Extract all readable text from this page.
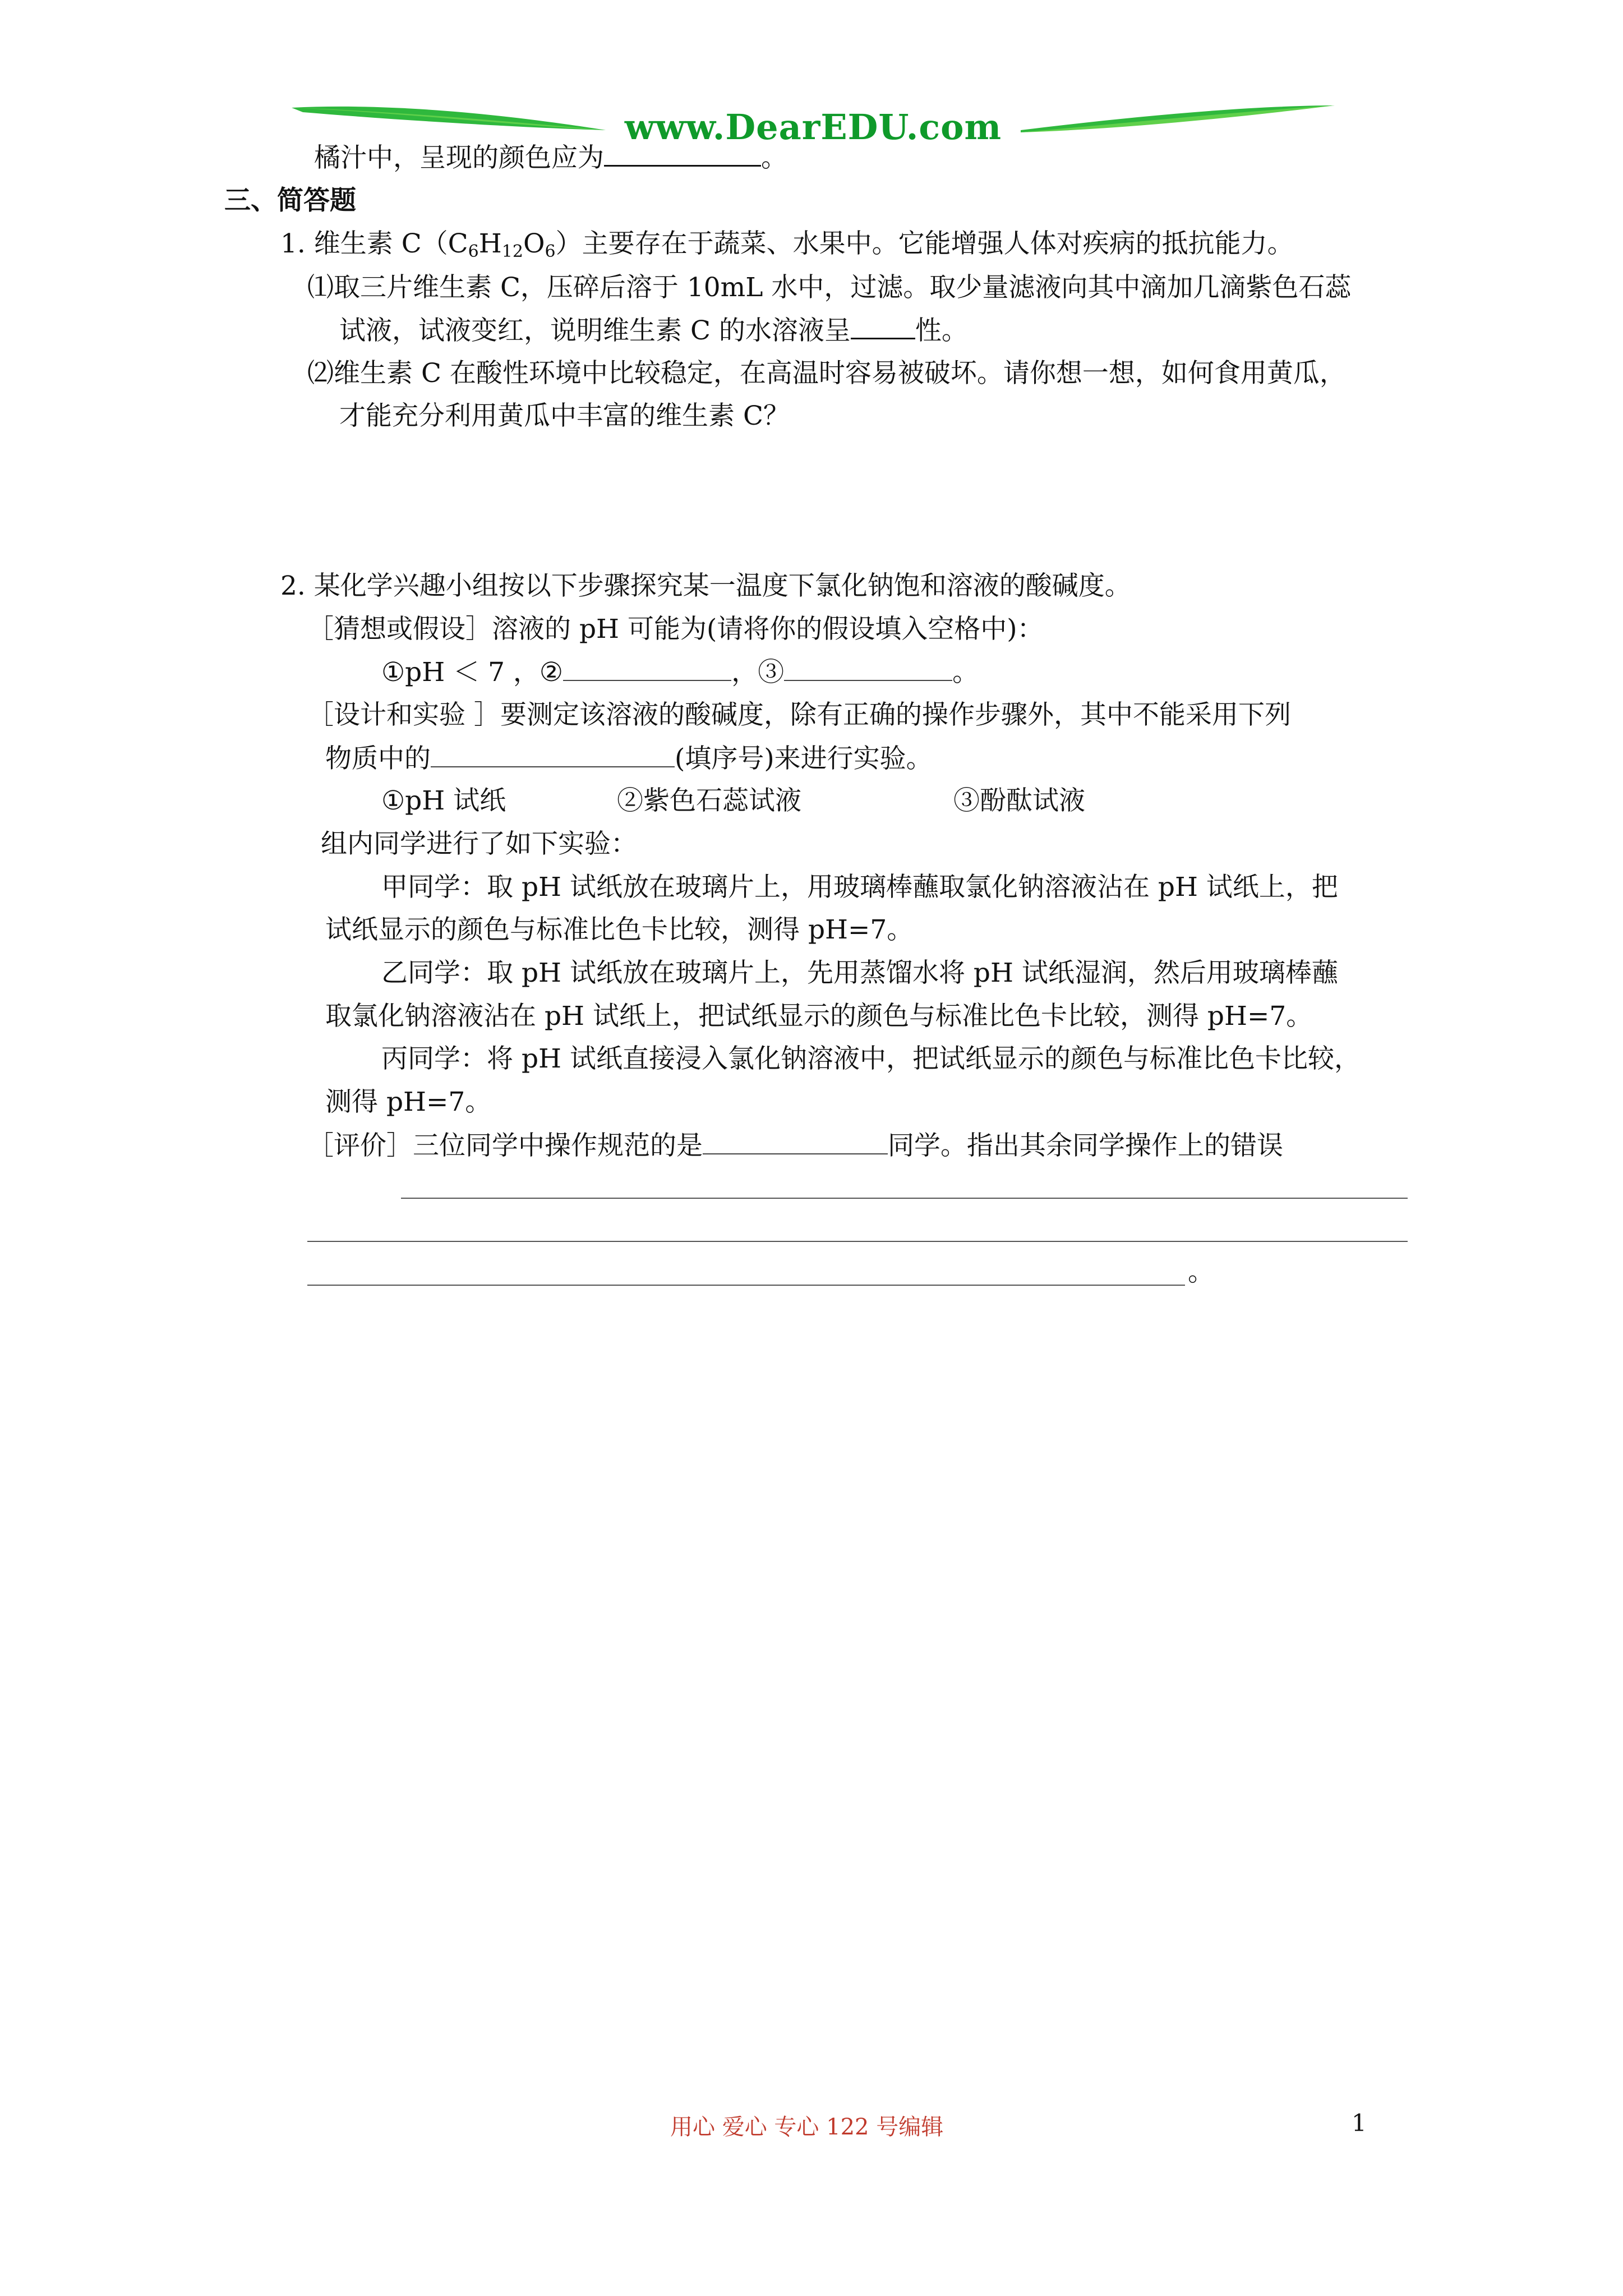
www.DearEDU.com
橘汁中，呈现的颜色应为	。
三、简答题
1. 维生素 $C(C_6H_{12}O_6)$主要存在于蔬菜、水果中。它能增强人体对疾病的抵抗能力。
⑴取三片维生素 C，压碎后溶于 10mL 水中，过滤。取少量滤液向其中滴加几滴紫色石蕊
试液，试液变红，说明维生素 C 的水溶液呈 性。
⑵维生素 C 在酸性环境中比较稳定，在高温时容易被破坏。请你想一想，如何食用黄瓜，
才能充分利用黄瓜中丰富的维生素 C？
2. 某化学兴趣小组按以下步骤探究某一温度下氯化钠饱和溶液的酸碱度。
［猜想或假设］溶液的 pH 可能为(请将你的假设填入空格中)：
①pH ＜ 7 ，②	，③	。
［设计和实验 ］要测定该溶液的酸碱度，除有正确的操作步骤外，其中不能采用下列
物质中的	(填序号)来进行实验。
①pH 试纸	②紫色石蕊试液	③酚酞试液
组内同学进行了如下实验：
甲同学：取 pH 试纸放在玻璃片上，用玻璃棒蘸取氯化钠溶液沾在 pH 试纸上，把
试纸显示的颜色与标准比色卡比较，测得 pH=7。
乙同学：取 pH 试纸放在玻璃片上，先用蒸馏水将 pH 试纸湿润，然后用玻璃棒蘸
取氯化钠溶液沾在 pH 试纸上，把试纸显示的颜色与标准比色卡比较，测得 pH=7。
丙同学：将 pH 试纸直接浸入氯化钠溶液中，把试纸显示的颜色与标准比色卡比较，
测得 pH=7。
［评价］三位同学中操作规范的是	同学。指出其余同学操作上的错误
。
用心 爱心 专心 122 号编辑	1
